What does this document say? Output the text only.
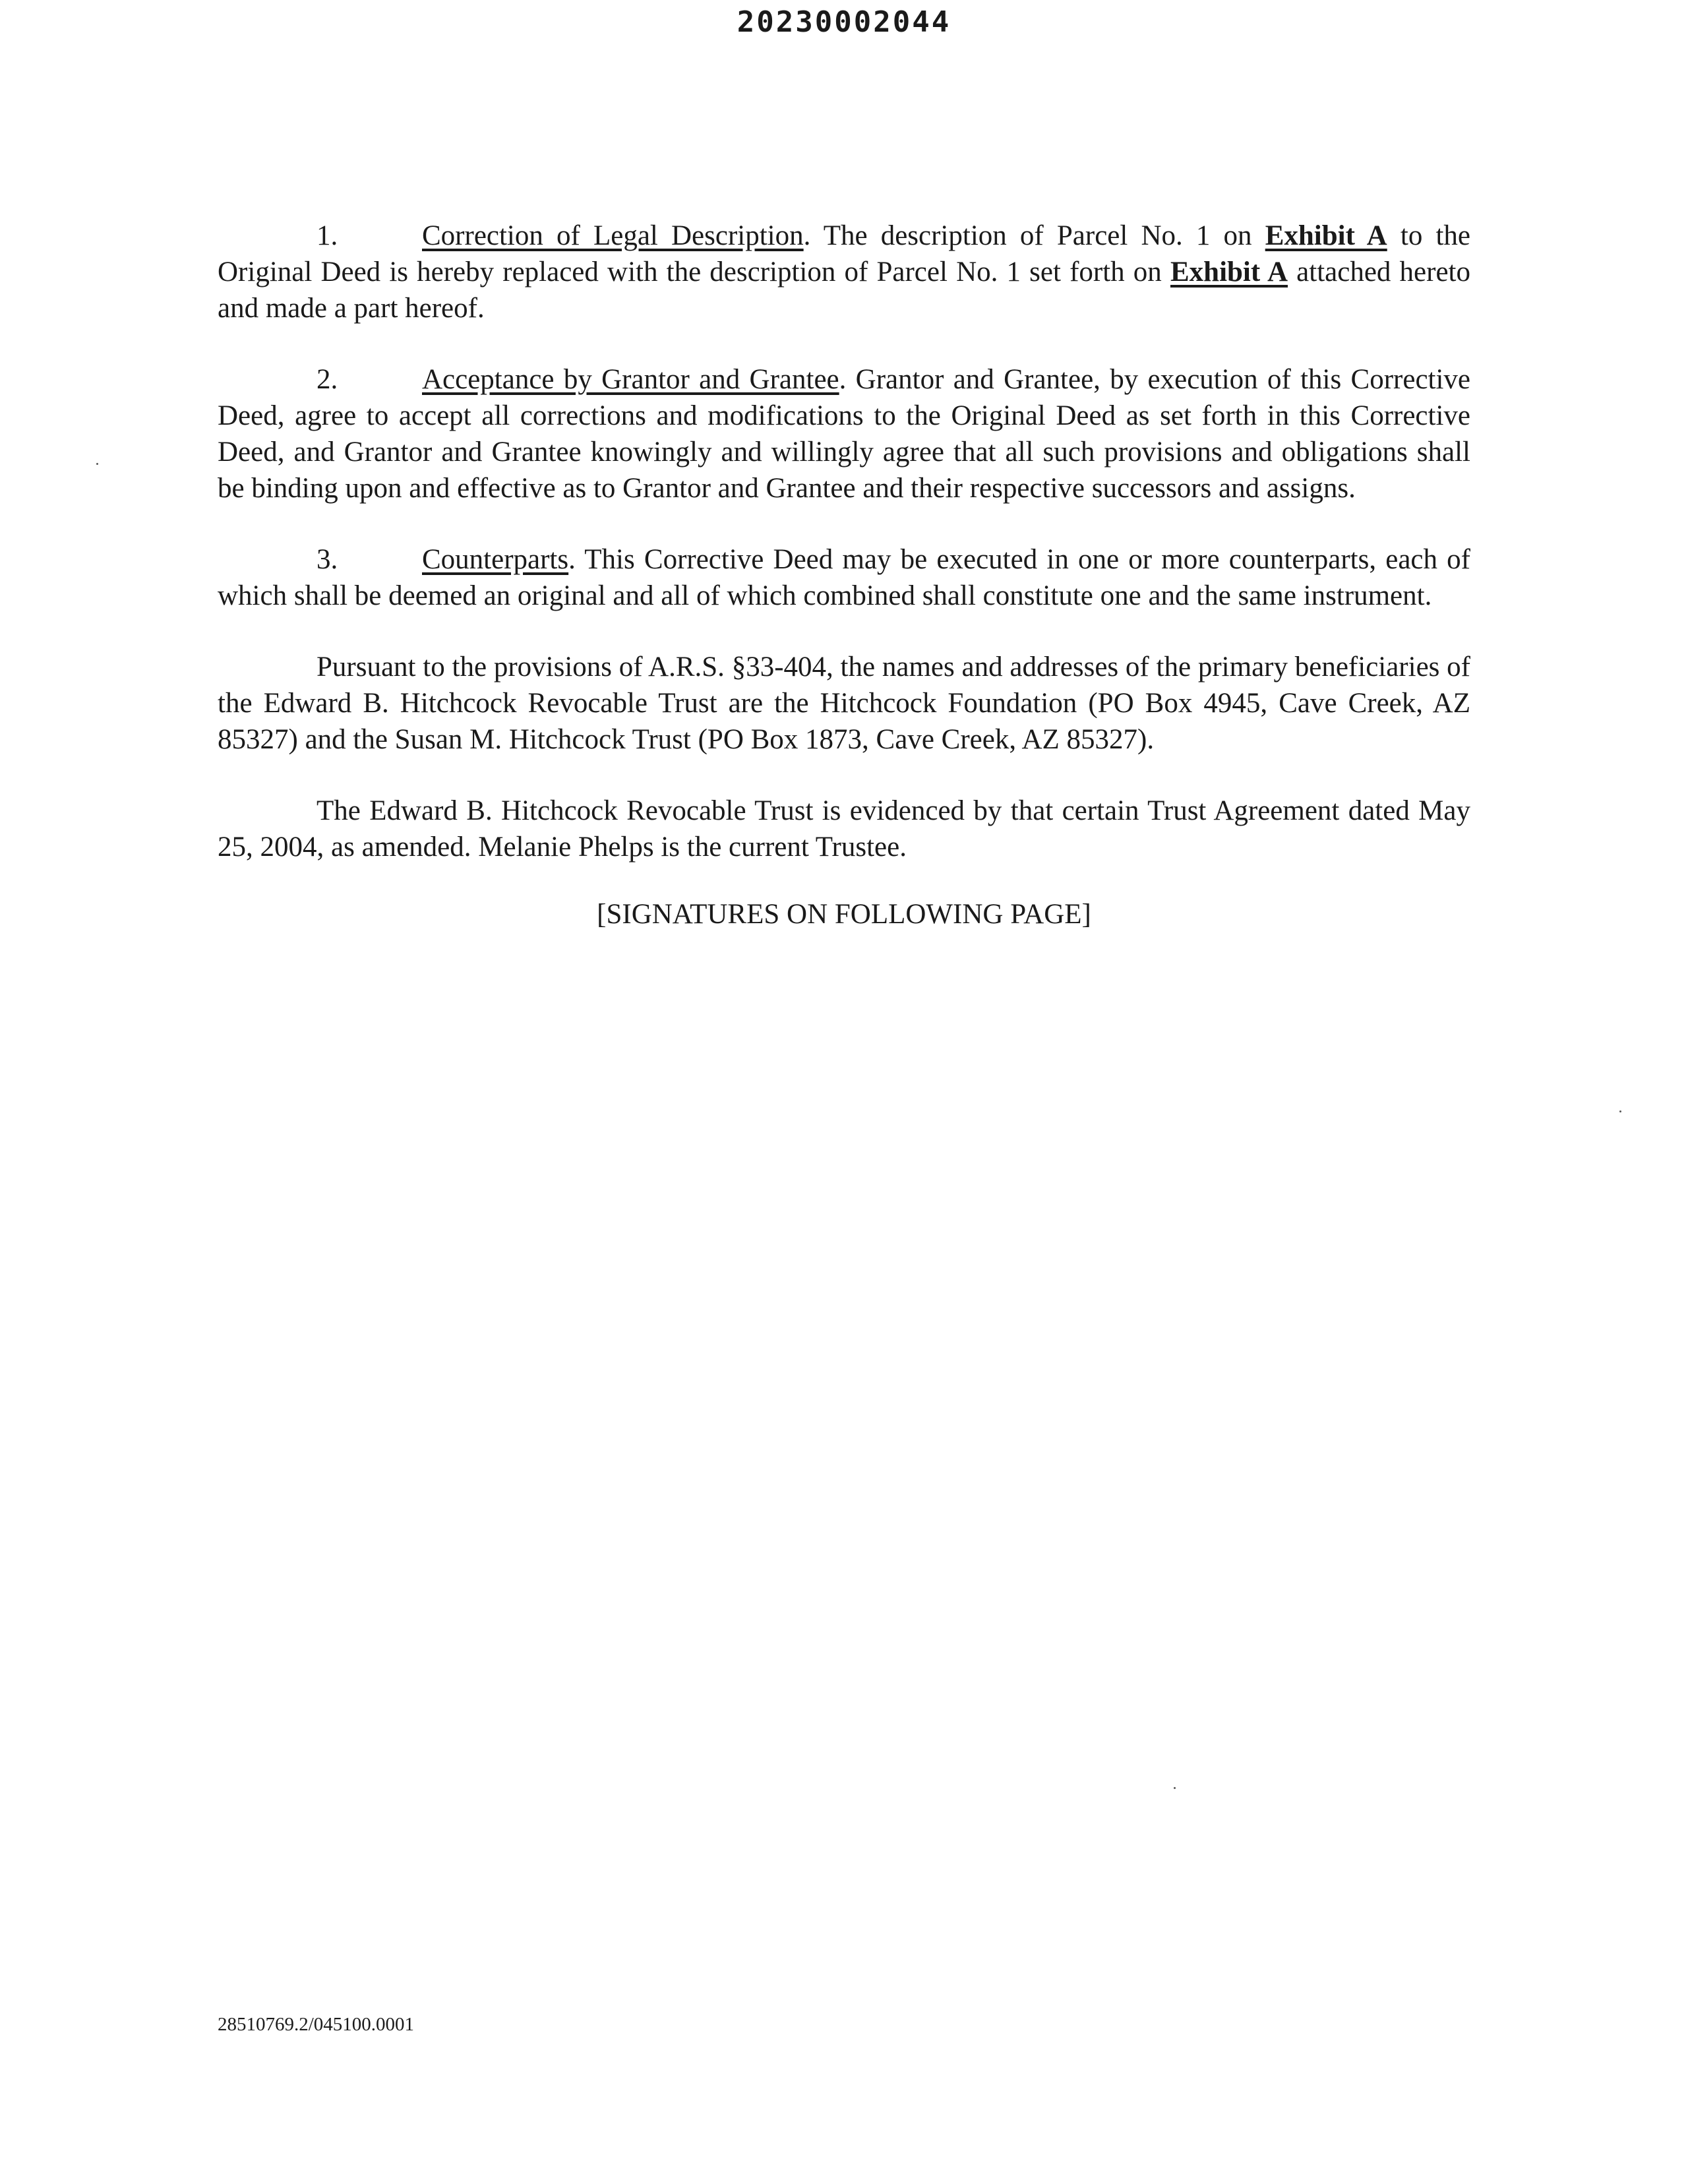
20230002044

1.	Correction of Legal Description. The description of Parcel No. 1 on Exhibit A to the Original Deed is hereby replaced with the description of Parcel No. 1 set forth on Exhibit A attached hereto and made a part hereof.

2.	Acceptance by Grantor and Grantee. Grantor and Grantee, by execution of this Corrective Deed, agree to accept all corrections and modifications to the Original Deed as set forth in this Corrective Deed, and Grantor and Grantee knowingly and willingly agree that all such provisions and obligations shall be binding upon and effective as to Grantor and Grantee and their respective successors and assigns.

3.	Counterparts. This Corrective Deed may be executed in one or more counterparts, each of which shall be deemed an original and all of which combined shall constitute one and the same instrument.

Pursuant to the provisions of A.R.S. §33-404, the names and addresses of the primary beneficiaries of the Edward B. Hitchcock Revocable Trust are the Hitchcock Foundation (PO Box 4945, Cave Creek, AZ 85327) and the Susan M. Hitchcock Trust (PO Box 1873, Cave Creek, AZ 85327).

The Edward B. Hitchcock Revocable Trust is evidenced by that certain Trust Agreement dated May 25, 2004, as amended. Melanie Phelps is the current Trustee.

[SIGNATURES ON FOLLOWING PAGE]

28510769.2/045100.0001
